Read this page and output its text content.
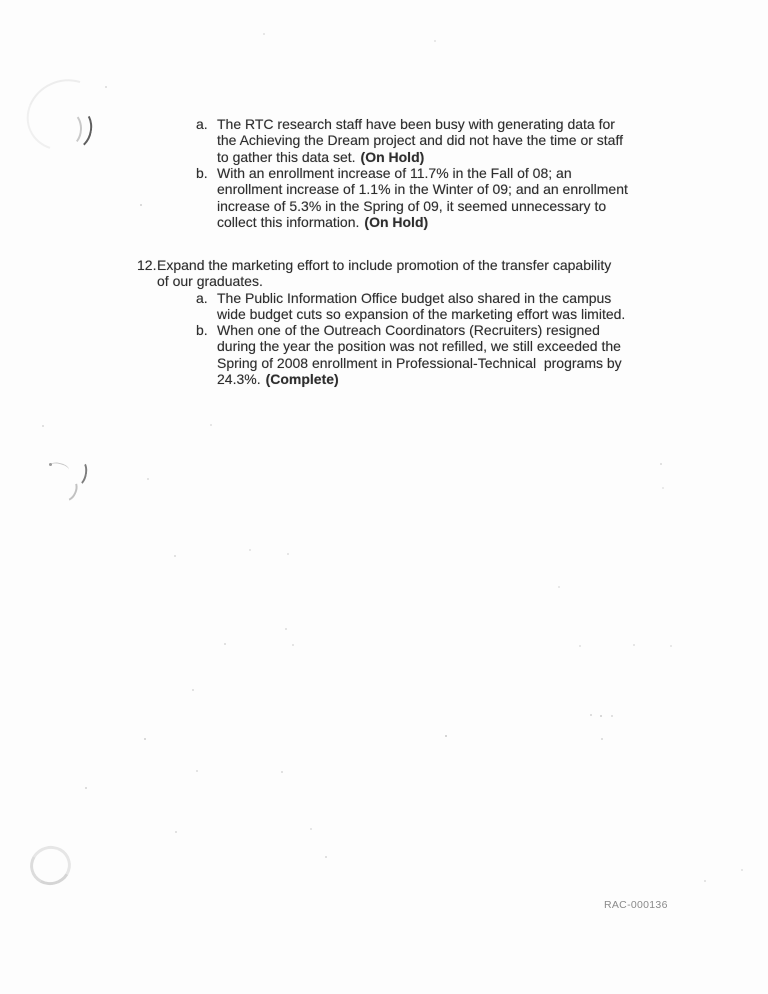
a. The RTC research staff have been busy with generating data for
the Achieving the Dream project and did not have the time or staff
to gather this data set. (On Hold)
b. With an enrollment increase of 11.7% in the Fall of 08; an
enrollment increase of 1.1% in the Winter of 09; and an enrollment
increase of 5.3% in the Spring of 09, it seemed unnecessary to
collect this information. (On Hold)
12. Expand the marketing effort to include promotion of the transfer capability
of our graduates.
a. The Public Information Office budget also shared in the campus
wide budget cuts so expansion of the marketing effort was limited.
b. When one of the Outreach Coordinators (Recruiters) resigned
during the year the position was not refilled, we still exceeded the
Spring of 2008 enrollment in Professional-Technical  programs by
24.3%. (Complete)
RAC-000136
